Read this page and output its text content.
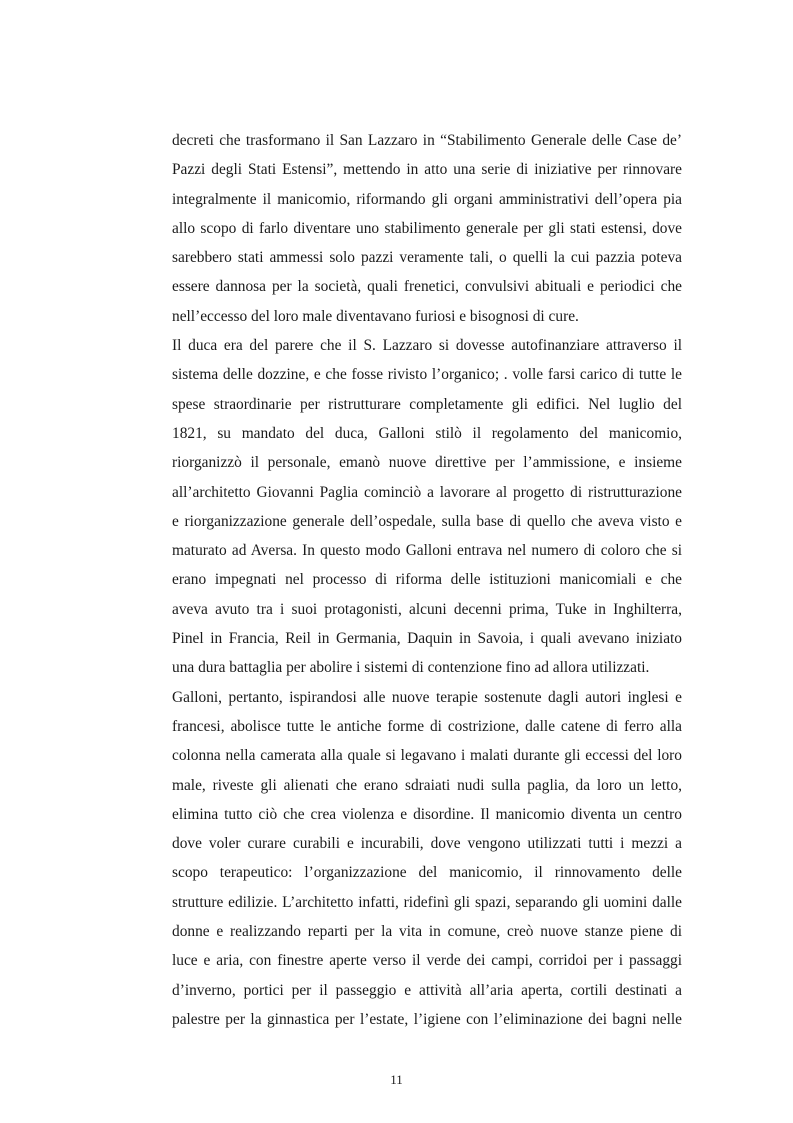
decreti che trasformano il San Lazzaro in “Stabilimento Generale delle Case de’
Pazzi degli Stati Estensi”, mettendo in atto una serie di iniziative per rinnovare
integralmente il manicomio, riformando gli organi amministrativi dell’opera pia
allo scopo di farlo diventare uno stabilimento generale per gli stati estensi, dove
sarebbero stati ammessi solo pazzi veramente tali, o quelli la cui pazzia poteva
essere dannosa per la società, quali frenetici, convulsivi abituali e periodici che
nell’eccesso del loro male diventavano furiosi e bisognosi di cure.
Il duca era del parere che il S. Lazzaro si dovesse autofinanziare attraverso il
sistema delle dozzine, e che fosse rivisto l’organico; . volle farsi carico di tutte le
spese straordinarie per ristrutturare completamente gli edifici. Nel luglio del
1821, su mandato del duca, Galloni stilò il regolamento del manicomio,
riorganizzò il personale, emanò nuove direttive per l’ammissione, e insieme
all’architetto Giovanni Paglia cominciò a lavorare al progetto di ristrutturazione
e riorganizzazione generale dell’ospedale, sulla base di quello che aveva visto e
maturato ad Aversa. In questo modo Galloni entrava nel numero di coloro che si
erano impegnati nel processo di riforma delle istituzioni manicomiali e che
aveva avuto tra i suoi protagonisti, alcuni decenni prima, Tuke in Inghilterra,
Pinel in Francia, Reil in Germania, Daquin in Savoia, i quali avevano iniziato
una dura battaglia per abolire i sistemi di contenzione fino ad allora utilizzati.
Galloni, pertanto, ispirandosi alle nuove terapie sostenute dagli autori inglesi e
francesi, abolisce tutte le antiche forme di costrizione, dalle catene di ferro alla
colonna nella camerata alla quale si legavano i malati durante gli eccessi del loro
male, riveste gli alienati che erano sdraiati nudi sulla paglia, da loro un letto,
elimina tutto ciò che crea violenza e disordine. Il manicomio diventa un centro
dove voler curare curabili e incurabili, dove vengono utilizzati tutti i mezzi a
scopo terapeutico: l’organizzazione del manicomio, il rinnovamento delle
strutture edilizie. L’architetto infatti, ridefinì gli spazi, separando gli uomini dalle
donne e realizzando reparti per la vita in comune, creò nuove stanze piene di
luce e aria, con finestre aperte verso il verde dei campi, corridoi per i passaggi
d’inverno, portici per il passeggio e attività all’aria aperta, cortili destinati a
palestre per la ginnastica per l’estate, l’igiene con l’eliminazione dei bagni nelle
11
